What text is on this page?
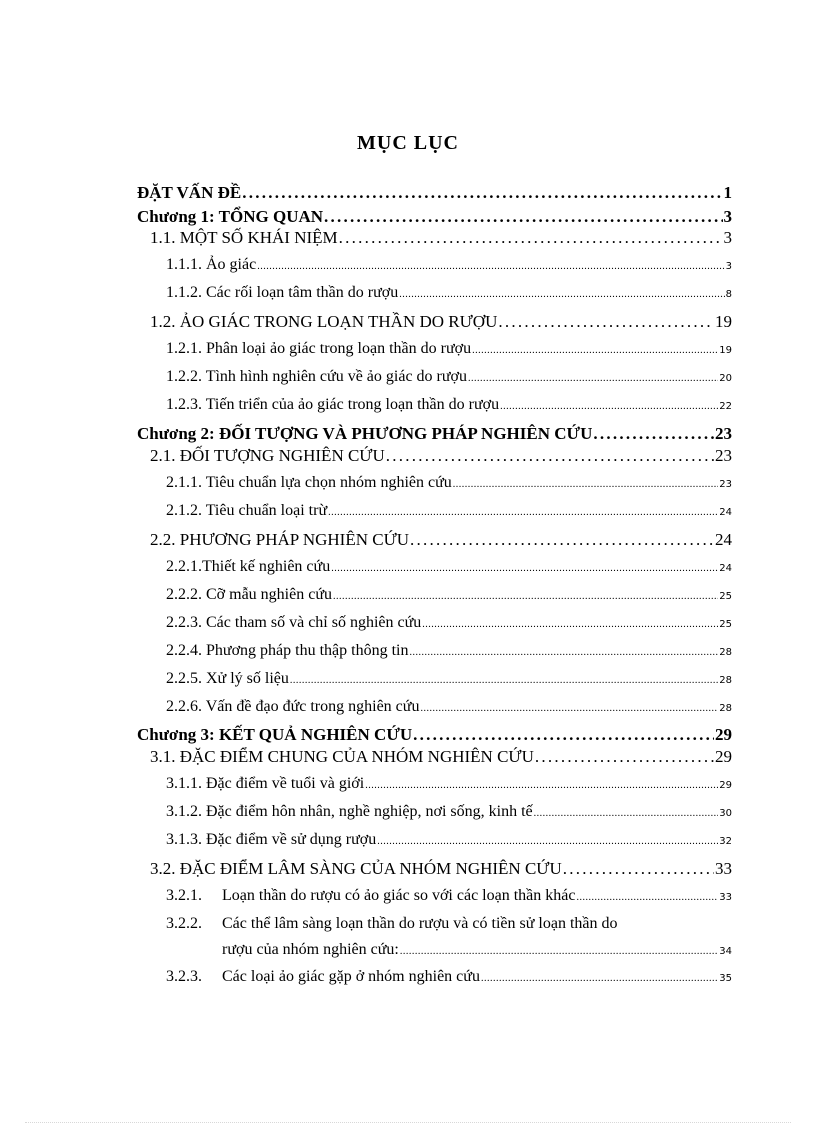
MỤC LỤC
ĐẶT VẤN ĐỀ . . .	1
Chương 1: TỔNG QUAN . . .	3
1.1. MỘT SỐ KHÁI NIỆM . . .	3
1.1.1. Ảo giác . . .	3
1.1.2. Các rối loạn tâm thần do rượu . . .	8
1.2. ẢO GIÁC TRONG LOẠN THẦN DO RƯỢU . . .	19
1.2.1. Phân loại ảo giác trong loạn thần do rượu . . .	19
1.2.2. Tình hình nghiên cứu về ảo giác do rượu . . .	20
1.2.3. Tiến triển của ảo giác trong loạn thần do rượu . . .	22
Chương 2: ĐỐI TƯỢNG VÀ PHƯƠNG PHÁP NGHIÊN CỨU . . .	23
2.1. ĐỐI TƯỢNG NGHIÊN CỨU . . .	23
2.1.1. Tiêu chuẩn lựa chọn nhóm nghiên cứu . . .	23
2.1.2. Tiêu chuẩn loại trừ . . .	24
2.2. PHƯƠNG PHÁP NGHIÊN CỨU . . .	24
2.2.1.Thiết kế nghiên cứu . . .	24
2.2.2. Cỡ mẫu nghiên cứu . . .	25
2.2.3. Các tham số và chỉ số nghiên cứu . . .	25
2.2.4. Phương pháp thu thập thông tin . . .	28
2.2.5. Xử lý số liệu . . .	28
2.2.6. Vấn đề đạo đức trong nghiên cứu . . .	28
Chương 3: KẾT QUẢ NGHIÊN CỨU . . .	29
3.1. ĐẶC ĐIỂM CHUNG CỦA NHÓM NGHIÊN CỨU . . .	29
3.1.1. Đặc điểm về tuổi và giới . . .	29
3.1.2. Đặc điểm hôn nhân, nghề nghiệp, nơi sống, kinh tế . . .	30
3.1.3. Đặc điểm về sử dụng rượu . . .	32
3.2. ĐẶC ĐIỂM LÂM SÀNG CỦA NHÓM NGHIÊN CỨU . . .	33
3.2.1. Loạn thần do rượu có ảo giác so với các loạn thần khác . . .	33
3.2.2. Các thể lâm sàng loạn thần do rượu và có tiền sử loạn thần do
rượu của nhóm nghiên cứu: . . .	34
3.2.3. Các loại ảo giác gặp ở nhóm nghiên cứu . . .	35
